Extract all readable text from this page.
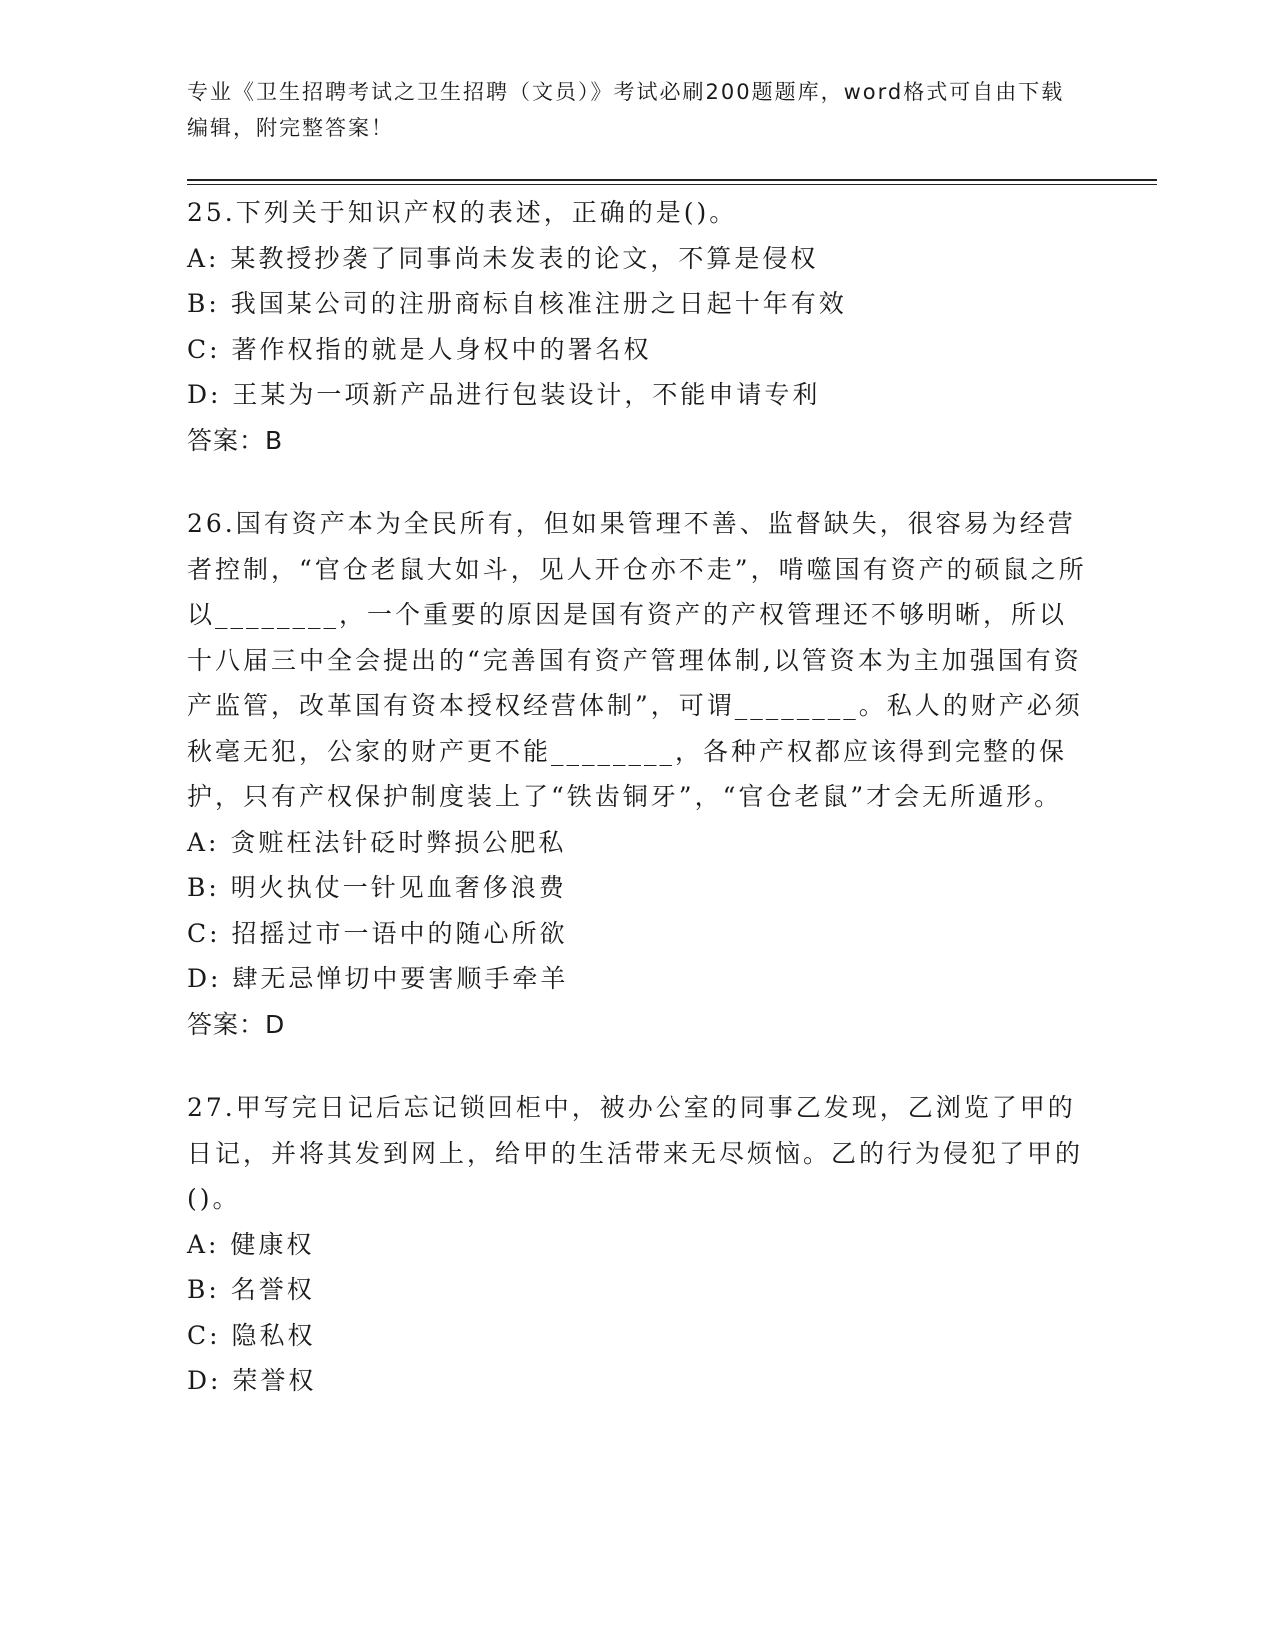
专业《卫生招聘考试之卫生招聘（文员）》考试必刷200题题库，word格式可自由下载编辑，附完整答案！

25.下列关于知识产权的表述，正确的是()。

A: 某教授抄袭了同事尚未发表的论文，不算是侵权

B: 我国某公司的注册商标自核准注册之日起十年有效

C: 著作权指的就是人身权中的署名权

D: 王某为一项新产品进行包装设计，不能申请专利

答案：B

26.国有资产本为全民所有，但如果管理不善、监督缺失，很容易为经营者控制，“官仓老鼠大如斗，见人开仓亦不走”，啃噬国有资产的硕鼠之所以________，一个重要的原因是国有资产的产权管理还不够明晰，所以十八届三中全会提出的“完善国有资产管理体制,以管资本为主加强国有资产监管，改革国有资本授权经营体制”，可谓________。私人的财产必须秋毫无犯，公家的财产更不能________，各种产权都应该得到完整的保护，只有产权保护制度装上了“铁齿铜牙”，“官仓老鼠”才会无所遁形。

A: 贪赃枉法针砭时弊损公肥私

B: 明火执仗一针见血奢侈浪费

C: 招摇过市一语中的随心所欲

D: 肆无忌惮切中要害顺手牵羊

答案：D

27.甲写完日记后忘记锁回柜中，被办公室的同事乙发现，乙浏览了甲的日记，并将其发到网上，给甲的生活带来无尽烦恼。乙的行为侵犯了甲的()。

A: 健康权

B: 名誉权

C: 隐私权

D: 荣誉权
